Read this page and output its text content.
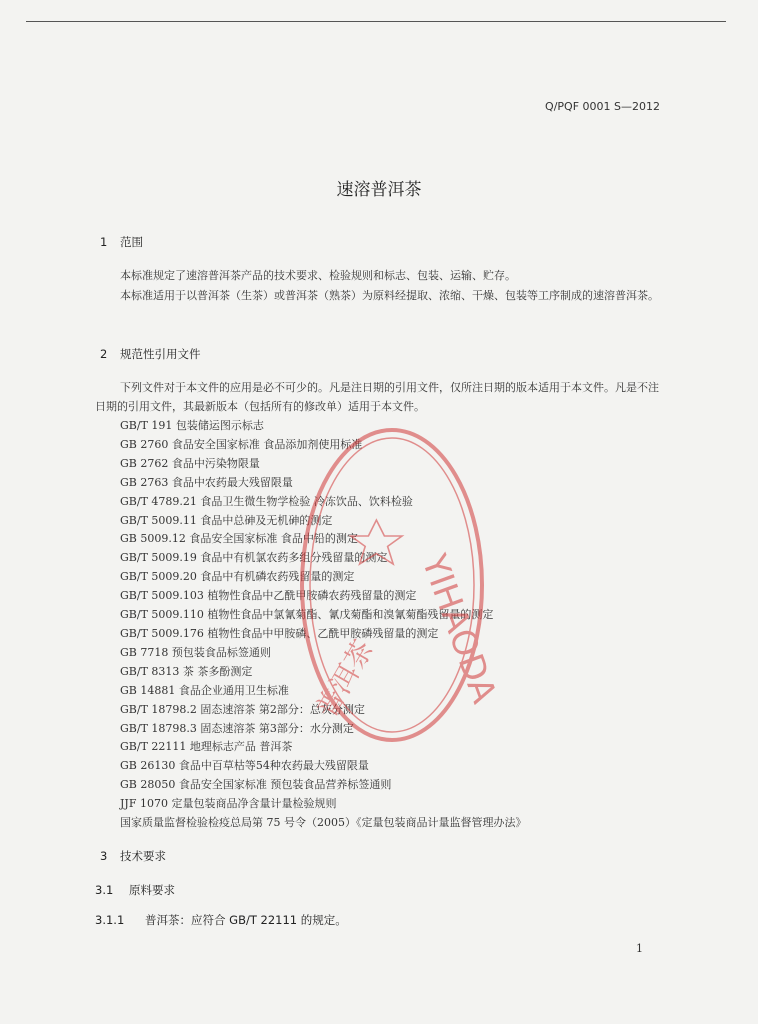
Q/PQF 0001 S—2012
速溶普洱茶
1 范围
本标准规定了速溶普洱茶产品的技术要求、检验规则和标志、包装、运输、贮存。
本标准适用于以普洱茶（生茶）或普洱茶（熟茶）为原料经提取、浓缩、干燥、包装等工序制成的速溶普洱茶。
2 规范性引用文件
下列文件对于本文件的应用是必不可少的。凡是注日期的引用文件，仅所注日期的版本适用于本文件。凡是不注日期的引用文件，其最新版本（包括所有的修改单）适用于本文件。
GB/T 191 包装储运图示标志
GB 2760 食品安全国家标准 食品添加剂使用标准
GB 2762 食品中污染物限量
GB 2763 食品中农药最大残留限量
GB/T 4789.21 食品卫生微生物学检验 冷冻饮品、饮料检验
GB/T 5009.11 食品中总砷及无机砷的测定
GB 5009.12 食品安全国家标准 食品中铅的测定
GB/T 5009.19 食品中有机氯农药多组分残留量的测定
GB/T 5009.20 食品中有机磷农药残留量的测定
GB/T 5009.103 植物性食品中乙酰甲胺磷农药残留量的测定
GB/T 5009.110 植物性食品中氯氰菊酯、氰戊菊酯和溴氰菊酯残留量的测定
GB/T 5009.176 植物性食品中甲胺磷、乙酰甲胺磷残留量的测定
GB 7718 预包装食品标签通则
GB/T 8313 茶 茶多酚测定
GB 14881 食品企业通用卫生标准
GB/T 18798.2 固态速溶茶 第2部分：总灰分测定
GB/T 18798.3 固态速溶茶 第3部分：水分测定
GB/T 22111 地理标志产品 普洱茶
GB 26130 食品中百草枯等54种农药最大残留限量
GB 28050 食品安全国家标准 预包装食品营养标签通则
JJF 1070 定量包装商品净含量计量检验规则
国家质量监督检验检疫总局第 75 号令（2005）《定量包装商品计量监督管理办法》
3 技术要求
3.1 原料要求
3.1.1 普洱茶：应符合 GB/T 22111 的规定。
1
YIHAODA
普洱茶
